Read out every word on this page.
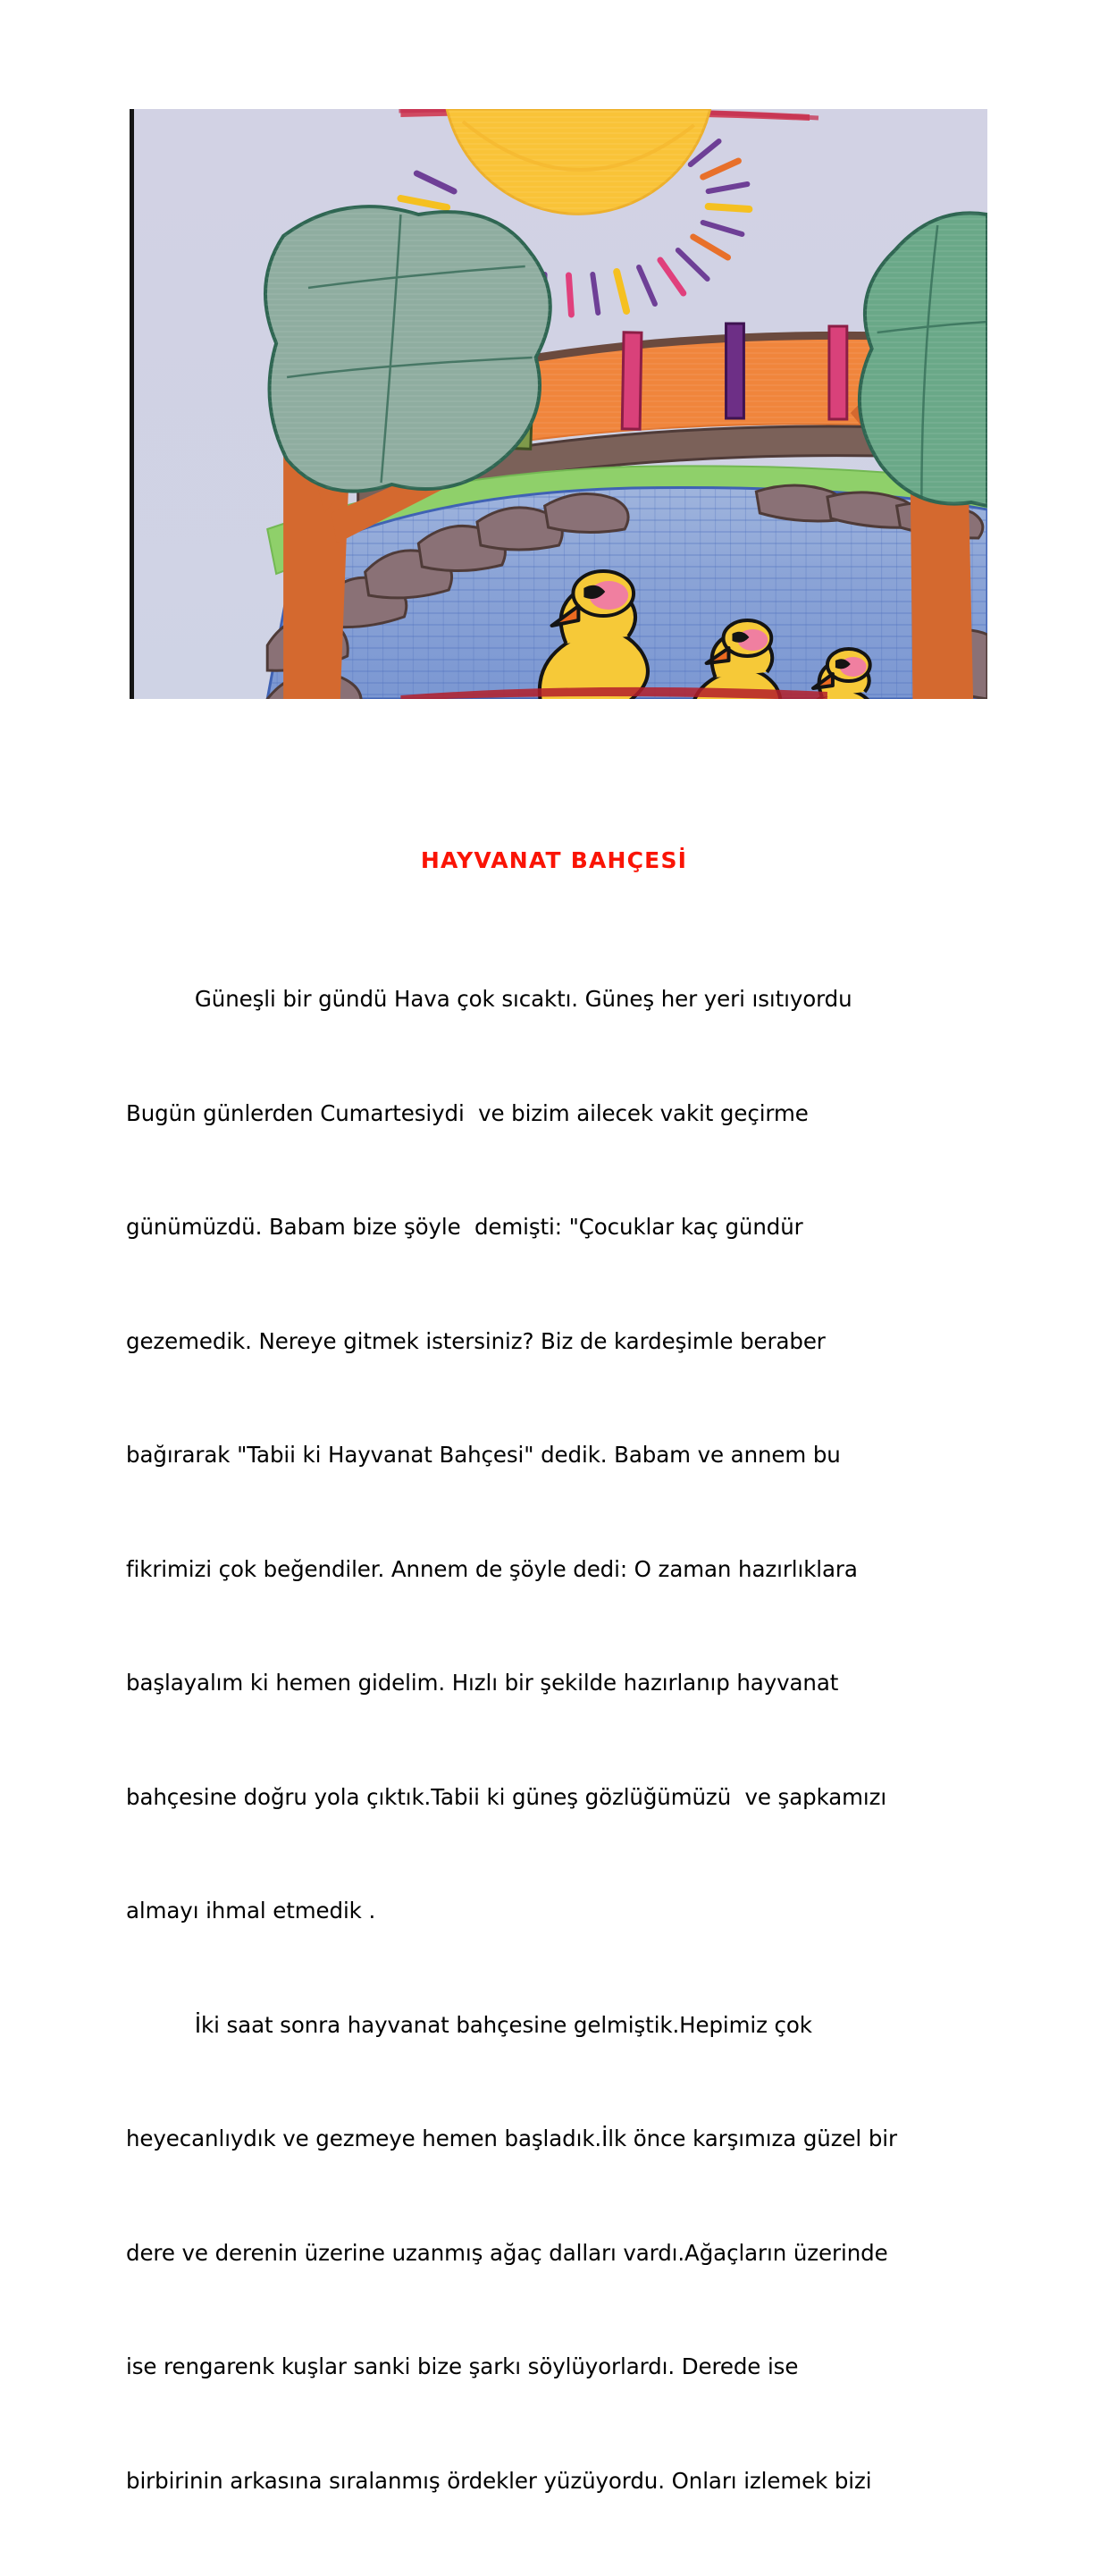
HAYVANAT BAHÇESİ

Güneşli bir gündü Hava çok sıcaktı. Güneş her yeri ısıtıyordu

Bugün günlerden Cumartesiydi  ve bizim ailecek vakit geçirme

günümüzdü. Babam bize şöyle  demişti: "Çocuklar kaç gündür

gezemedik. Nereye gitmek istersiniz? Biz de kardeşimle beraber

bağırarak "Tabii ki Hayvanat Bahçesi" dedik. Babam ve annem bu

fikrimizi çok beğendiler. Annem de şöyle dedi: O zaman hazırlıklara

başlayalım ki hemen gidelim. Hızlı bir şekilde hazırlanıp hayvanat

bahçesine doğru yola çıktık.Tabii ki güneş gözlüğümüzü  ve şapkamızı

almayı ihmal etmedik .

İki saat sonra hayvanat bahçesine gelmiştik.Hepimiz çok

heyecanlıydık ve gezmeye hemen başladık.İlk önce karşımıza güzel bir

dere ve derenin üzerine uzanmış ağaç dalları vardı.Ağaçların üzerinde

ise rengarenk kuşlar sanki bize şarkı söylüyorlardı. Derede ise

birbirinin arkasına sıralanmış ördekler yüzüyordu. Onları izlemek bizi
